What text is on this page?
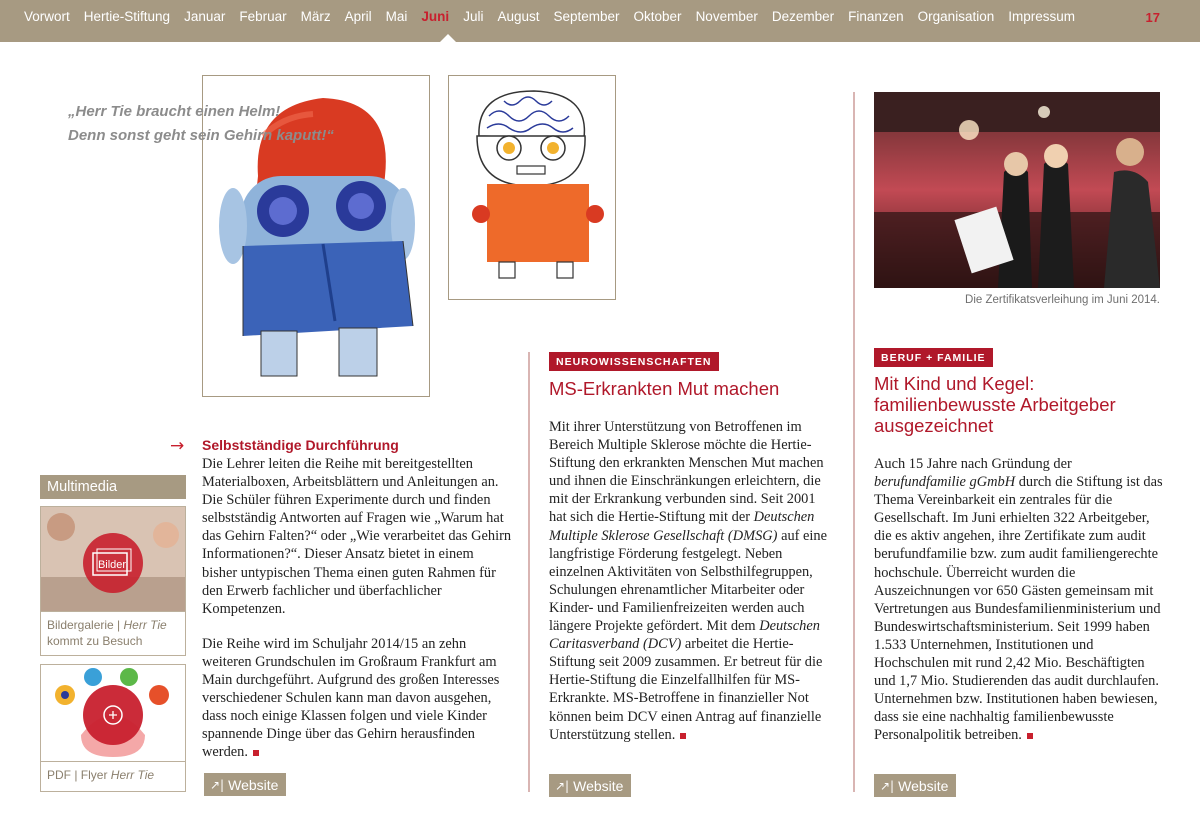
Vorwort Hertie-Stiftung Januar Februar März April Mai Juni Juli August September Oktober November Dezember Finanzen Organisation Impressum	17
„Herr Tie braucht einen Helm!
Denn sonst geht sein Gehirn kaputt!“
Die Zertifikatsverleihung im Juni 2014.
→ Selbstständige Durchführung

Die Lehrer leiten die Reihe mit bereitgestellten Materialboxen, Arbeitsblättern und Anleitungen an. Die Schüler führen Experimente durch und finden selbstständig Antworten auf Fragen wie „Warum hat das Gehirn Falten?“ oder „Wie verarbeitet das Gehirn Informationen?“. Dieser Ansatz bietet in einem bisher untypischen Thema einen guten Rahmen für den Erwerb fachlicher und überfachlicher Kompetenzen.

Die Reihe wird im Schuljahr 2014/15 an zehn weiteren Grundschulen im Großraum Frankfurt am Main durchgeführt. Aufgrund des großen Interesses verschiedener Schulen kann man davon ausgehen, dass noch einige Klassen folgen und viele Kinder spannende Dinge über das Gehirn herausfinden werden.

↗| Website
NEUROWISSENSCHAFTEN
MS-Erkrankten Mut machen

Mit ihrer Unterstützung von Betroffenen im Bereich Multiple Sklerose möchte die Hertie-Stiftung den erkrankten Menschen Mut machen und ihnen die Einschränkungen erleichtern, die mit der Erkrankung verbunden sind. Seit 2001 hat sich die Hertie-Stiftung mit der Deutschen Multiple Sklerose Gesellschaft (DMSG) auf eine langfristige Förderung festgelegt. Neben einzelnen Aktivitäten von Selbsthilfegruppen, Schulungen ehrenamtlicher Mitarbeiter oder Kinder- und Familienfreizeiten werden auch längere Projekte gefördert. Mit dem Deutschen Caritasverband (DCV) arbeitet die Hertie-Stiftung seit 2009 zusammen. Er betreut für die Hertie-Stiftung die Einzelfallhilfen für MS-Erkrankte. MS-Betroffene in finanzieller Not können beim DCV einen Antrag auf finanzielle Unterstützung stellen.

↗| Website
BERUF + FAMILIE
Mit Kind und Kegel: familienbewusste Arbeitgeber ausgezeichnet

Auch 15 Jahre nach Gründung der berufundfamilie gGmbH durch die Stiftung ist das Thema Vereinbarkeit ein zentrales für die Gesellschaft. Im Juni erhielten 322 Arbeitgeber, die es aktiv angehen, ihre Zertifikate zum audit berufundfamilie bzw. zum audit familiengerechte hochschule. Überreicht wurden die Auszeichnungen vor 650 Gästen gemeinsam mit Vertretungen aus Bundesfamilienministerium und Bundeswirtschaftsministerium. Seit 1999 haben 1.533 Unternehmen, Institutionen und Hochschulen mit rund 2,42 Mio. Beschäftigten und 1,7 Mio. Studierenden das audit durchlaufen. Unternehmen bzw. Institutionen haben bewiesen, dass sie eine nachhaltig familienbewusste Personalpolitik betreiben.

↗| Website
Multimedia
Bilder
Bildergalerie | Herr Tie kommt zu Besuch
PDF | Flyer Herr Tie
